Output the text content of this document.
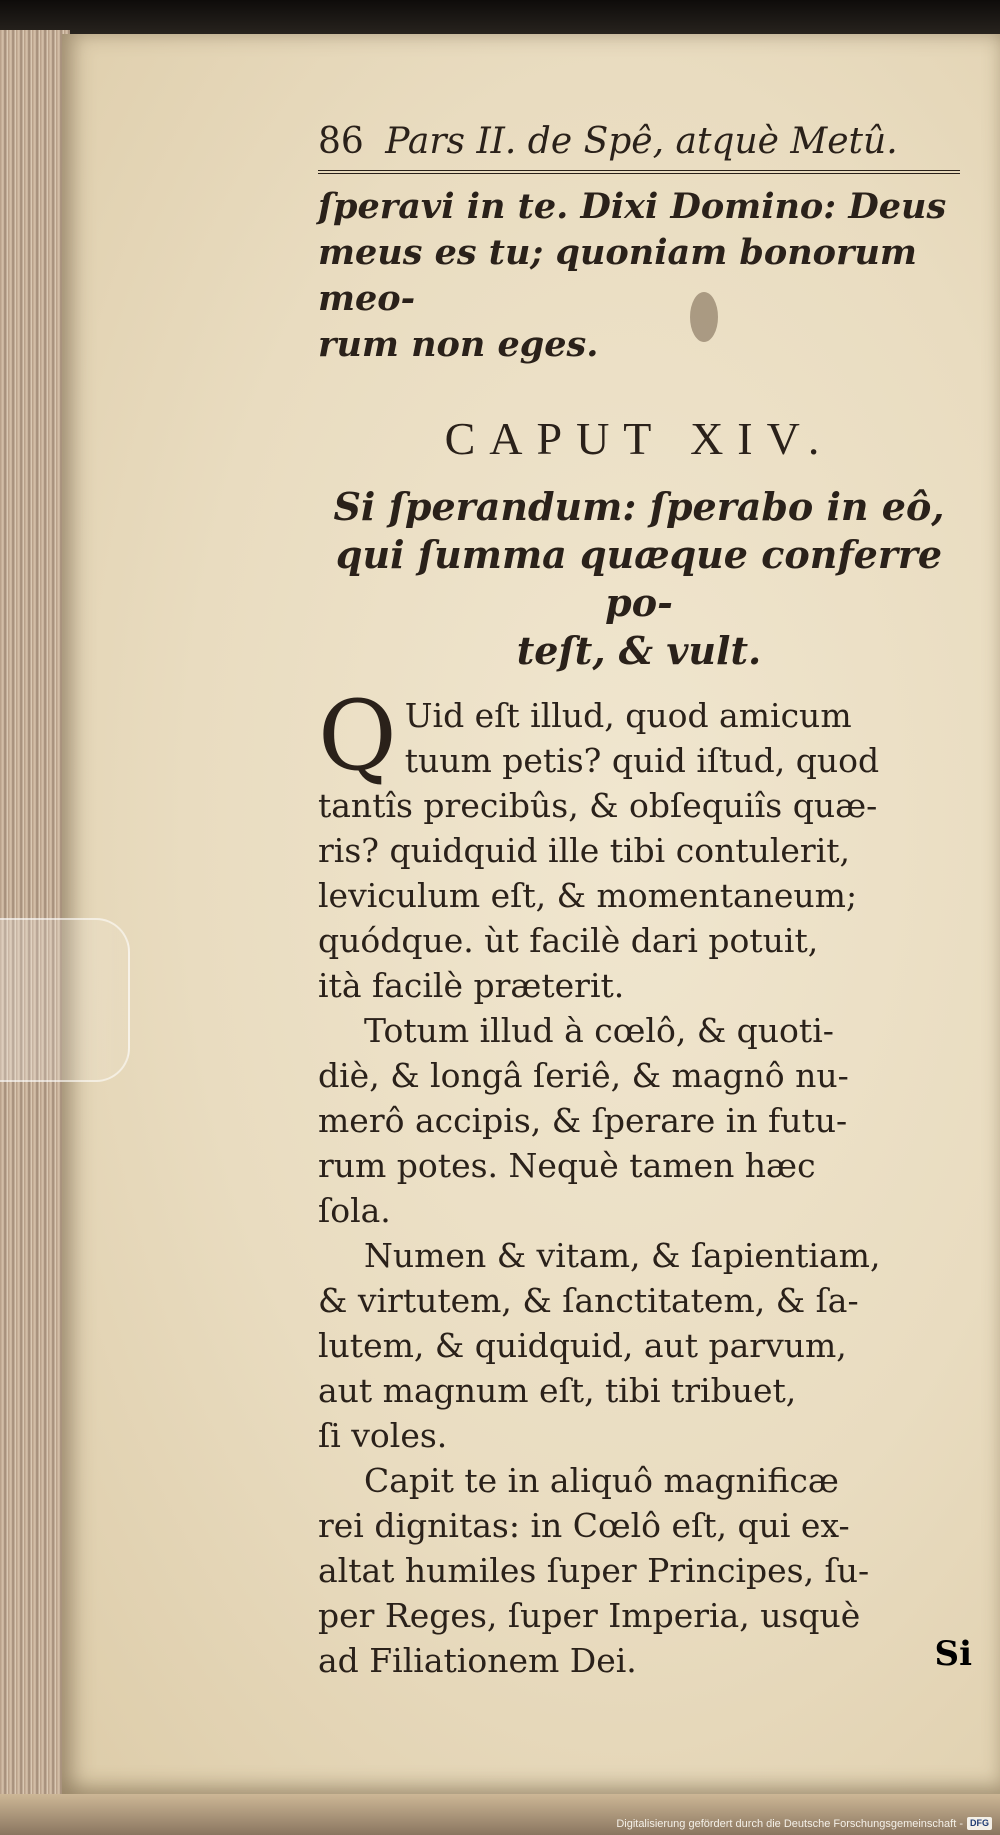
Si
86 Pars II. de Spê, atquè Metû.

ſperavi in te. Dixi Domino: Deus

meus es tu; quoniam bonorum meo-

rum non eges.

CAPUT XIV.

Si ſperandum: ſperabo in eô,

qui ſumma quæque conferre po-

teſt, & vult.

Q Uid eſt illud, quod amicum

tuum petis? quid iſtud, quod

tantîs precibûs, & obſequiîs quæ-

ris? quidquid ille tibi contulerit,

leviculum eſt, & momentaneum;

quódque. ùt facilè dari potuit,

ità facilè præterit.

Totum illud à cœlô, & quoti-

diè, & longâ ſeriê, & magnô nu-

merô accipis, & ſperare in futu-

rum potes. Nequè tamen hæc

ſola.

Numen & vitam, & ſapientiam,

& virtutem, & ſanctitatem, & ſa-

lutem, & quidquid, aut parvum,

aut magnum eſt, tibi tribuet,

ſi voles.

Capit te in aliquô magnificæ

rei dignitas: in Cœlô eſt, qui ex-

altat humiles ſuper Principes, ſu-

per Reges, ſuper Imperia, usquè

ad Filiationem Dei.

Digitalisierung gefördert durch die Deutsche Forschungsgemeinschaft - DFG
